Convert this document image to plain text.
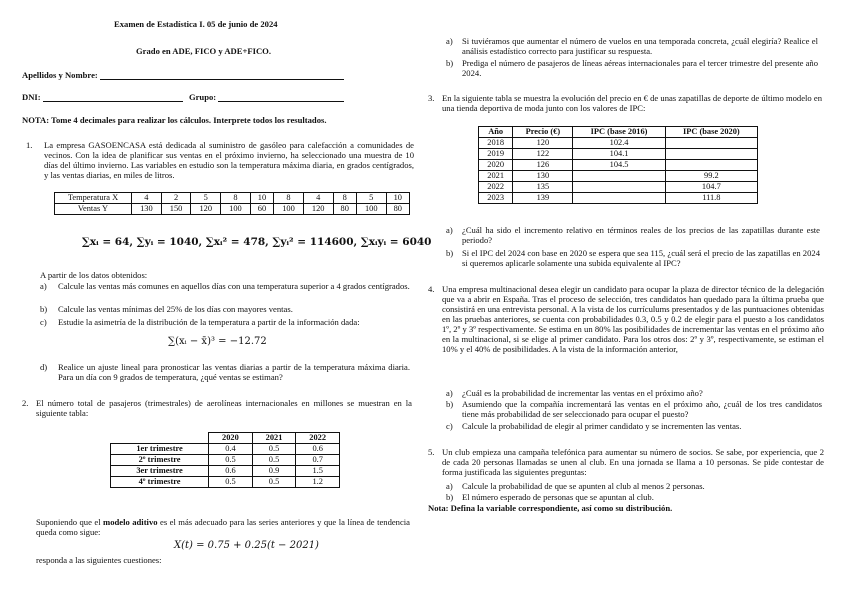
Examen de Estadística I. 05 de junio de 2024
Grado en ADE, FICO y ADE+FICO.
Apellidos y Nombre:
DNI:	Grupo:
NOTA: Tome 4 decimales para realizar los cálculos. Interprete todos los resultados.
1. La empresa GASOENCASA está dedicada al suministro de gasóleo para calefacción a comunidades de vecinos. Con la idea de planificar sus ventas en el próximo invierno, ha seleccionado una muestra de 10 días del último invierno. Las variables en estudio son la temperatura máxima diaria, en grados centígrados, y las ventas diarias, en miles de litros.
Temperatura X	4	2	5	8	10	8	4	8	5	10
Ventas Y	130	150	120	100	60	100	120	80	100	80
∑xᵢ = 64, ∑yᵢ = 1040, ∑xᵢ² = 478, ∑yᵢ² = 114600, ∑xᵢyᵢ = 6040
A partir de los datos obtenidos:
a) Calcule las ventas más comunes en aquellos días con una temperatura superior a 4 grados centígrados.
b) Calcule las ventas mínimas del 25% de los días con mayores ventas.
c) Estudie la asimetría de la distribución de la temperatura a partir de la información dada:
∑(xᵢ − x̄)³ = −12.72
d) Realice un ajuste lineal para pronosticar las ventas diarias a partir de la temperatura máxima diaria. Para un día con 9 grados de temperatura, ¿qué ventas se estiman?
2. El número total de pasajeros (trimestrales) de aerolíneas internacionales en millones se muestran en la siguiente tabla:
	2020	2021	2022
1er trimestre	0.4	0.5	0.6
2º trimestre	0.5	0.5	0.7
3er trimestre	0.6	0.9	1.5
4º trimestre	0.5	0.5	1.2
Suponiendo que el modelo aditivo es el más adecuado para las series anteriores y que la línea de tendencia queda como sigue:
X(t) = 0.75 + 0.25(t − 2021)
responda a las siguientes cuestiones:
a) Si tuviéramos que aumentar el número de vuelos en una temporada concreta, ¿cuál elegiría? Realice el análisis estadístico correcto para justificar su respuesta.
b) Prediga el número de pasajeros de líneas aéreas internacionales para el tercer trimestre del presente año 2024.
3. En la siguiente tabla se muestra la evolución del precio en € de unas zapatillas de deporte de último modelo en una tienda deportiva de moda junto con los valores de IPC:
Año	Precio (€)	IPC (base 2016)	IPC (base 2020)
2018	120	102.4	
2019	122	104.1	
2020	126	104.5	
2021	130		99.2
2022	135		104.7
2023	139		111.8
a) ¿Cuál ha sido el incremento relativo en términos reales de los precios de las zapatillas durante este periodo?
b) Si el IPC del 2024 con base en 2020 se espera que sea 115, ¿cuál será el precio de las zapatillas en 2024 si queremos aplicarle solamente una subida equivalente al IPC?
4. Una empresa multinacional desea elegir un candidato para ocupar la plaza de director técnico de la delegación que va a abrir en España. Tras el proceso de selección, tres candidatos han quedado para la última prueba que consistirá en una entrevista personal. A la vista de los currículums presentados y de las puntuaciones obtenidas en las pruebas anteriores, se cuenta con probabilidades 0.3, 0.5 y 0.2 de elegir para el puesto a los candidatos 1º, 2º y 3º respectivamente. Se estima en un 80% las posibilidades de incrementar las ventas en el próximo año en la multinacional, si se elige al primer candidato. Para los otros dos: 2º y 3º, respectivamente, se estiman el 10% y el 40% de posibilidades. A la vista de la información anterior,
a) ¿Cuál es la probabilidad de incrementar las ventas en el próximo año?
b) Asumiendo que la compañía incrementará las ventas en el próximo año, ¿cuál de los tres candidatos tiene más probabilidad de ser seleccionado para ocupar el puesto?
c) Calcule la probabilidad de elegir al primer candidato y se incrementen las ventas.
5. Un club empieza una campaña telefónica para aumentar su número de socios. Se sabe, por experiencia, que 2 de cada 20 personas llamadas se unen al club. En una jornada se llama a 10 personas. Se pide contestar de forma justificada las siguientes preguntas:
a) Calcule la probabilidad de que se apunten al club al menos 2 personas.
b) El número esperado de personas que se apuntan al club.
Nota: Defina la variable correspondiente, así como su distribución.
